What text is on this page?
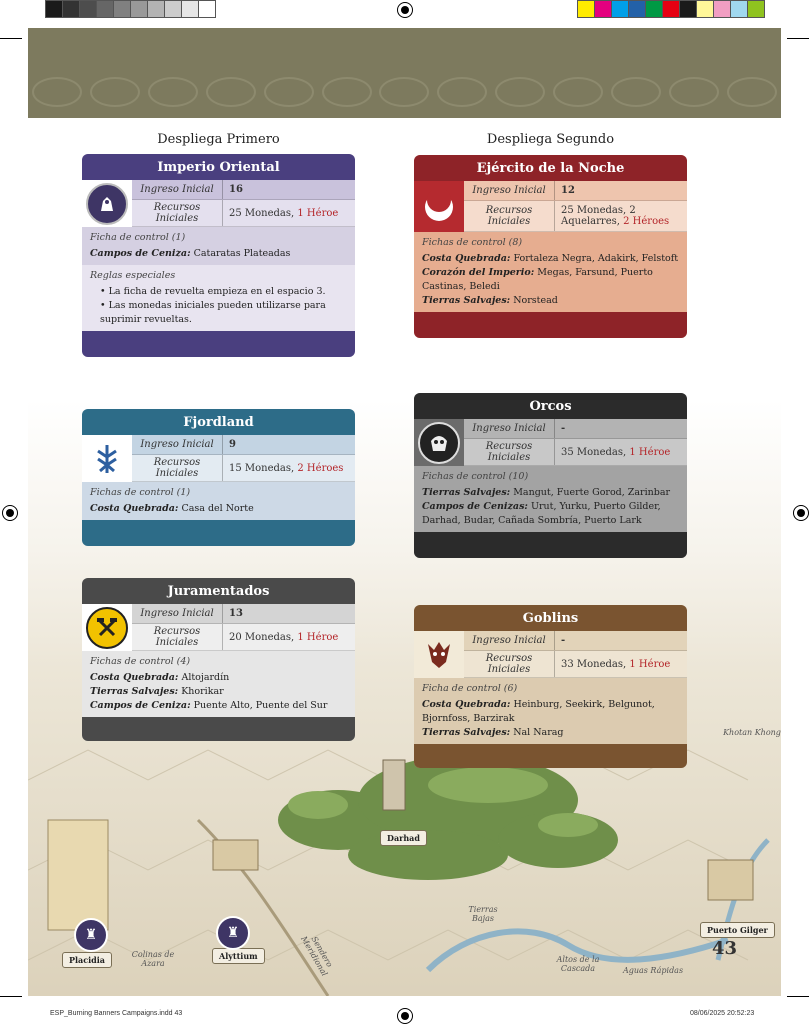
Darhad
Puerto Gilger
Placidia	Alyttium
♜	♜
Khotan Khong
Tierras Bajas
Colinas de Azara	Altos de la Cascada	Aguas Rápidas
Sendero Meridional
Despliega Primero	Despliega Segundo
Imperio Oriental
Ingreso Inicial	16
Recursos Iniciales	25 Monedas,
1 Héroe
Ficha de control (1)
Campos de Ceniza: Cataratas Plateadas
Reglas especiales
• La ficha de revuelta empieza en el espacio 3.
• Las monedas iniciales pueden utilizarse para suprimir revueltas.
Fjordland
Ingreso Inicial	9
Recursos Iniciales	15 Monedas,
2 Héroes
Fichas de control (1)
Costa Quebrada: Casa del Norte
Juramentados
Ingreso Inicial	13
Recursos Iniciales	20 Monedas,
1 Héroe
Fichas de control (4)
Costa Quebrada: Altojardín
Tierras Salvajes: Khorikar
Campos de Ceniza: Puente Alto, Puente del Sur
Ejército de la Noche
Ingreso Inicial	12
Recursos Iniciales
25 Monedas, 2 Aquelarres, 2 Héroes
Fichas de control (8)
Costa Quebrada: Fortaleza Negra, Adakirk, Felstoft
Corazón del Imperio: Megas, Farsund, Puerto Castinas, Beledi
Tierras Salvajes: Norstead
Orcos
Ingreso Inicial	-
Recursos Iniciales	35 Monedas,
1 Héroe
Fichas de control (10)
Tierras Salvajes: Mangut, Fuerte Gorod, Zarinbar
Campos de Cenizas: Urut, Yurku, Puerto Gilder, Darhad, Budar, Cañada Sombría, Puerto Lark
Goblins
Ingreso Inicial	-
Recursos Iniciales	33 Monedas,
1 Héroe
Ficha de control (6)
Costa Quebrada: Heinburg, Seekirk, Belgunot, Bjornfoss, Barzirak
Tierras Salvajes: Nal Narag
43
ESP_Burning Banners Campaigns.indd 43	08/06/2025 20:52:23
